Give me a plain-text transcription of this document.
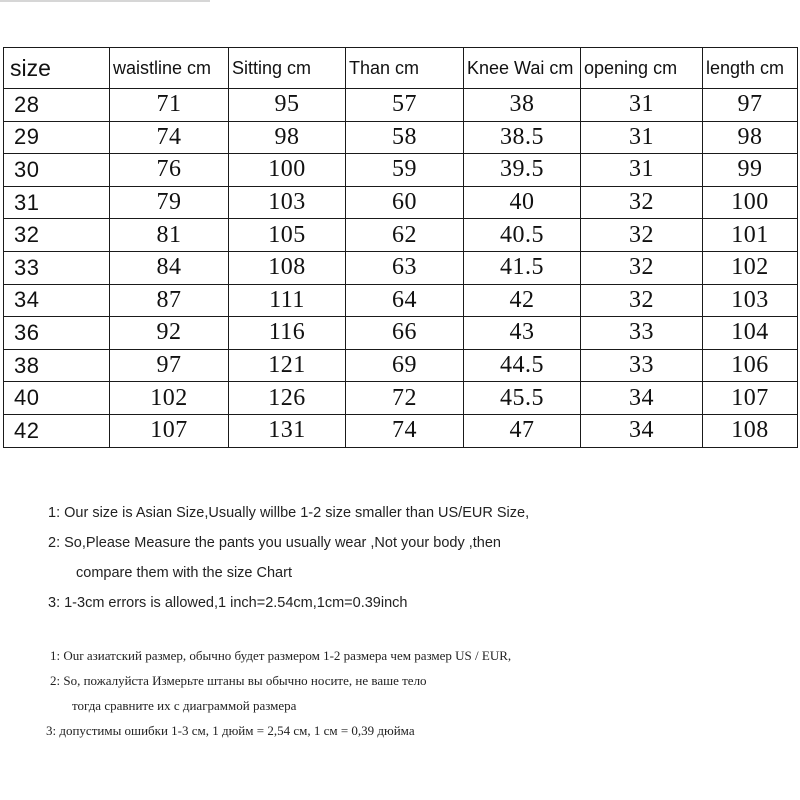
size	waistline cm	Sitting cm	Than cm	Knee Wai cm	opening cm	length cm
28	71	95	57	38	31	97
29	74	98	58	38.5	31	98
30	76	100	59	39.5	31	99
31	79	103	60	40	32	100
32	81	105	62	40.5	32	101
33	84	108	63	41.5	32	102
34	87	111	64	42	32	103
36	92	116	66	43	33	104
38	97	121	69	44.5	33	106
40	102	126	72	45.5	34	107
42	107	131	74	47	34	108
1: Our size is Asian Size,Usually willbe 1-2 size smaller than US/EUR Size,
2: So,Please Measure the pants you usually wear ,Not your body ,then
compare them with the size Chart
3: 1-3cm errors is allowed,1 inch=2.54cm,1cm=0.39inch
1: Our азиатский размер, обычно будет размером 1-2 размера чем размер US / EUR,
2: So, пожалуйста Измерьте штаны вы обычно носите, не ваше тело
тогда сравните их с диаграммой размера
3: допустимы ошибки 1-3 см, 1 дюйм = 2,54 см, 1 см = 0,39 дюйма
